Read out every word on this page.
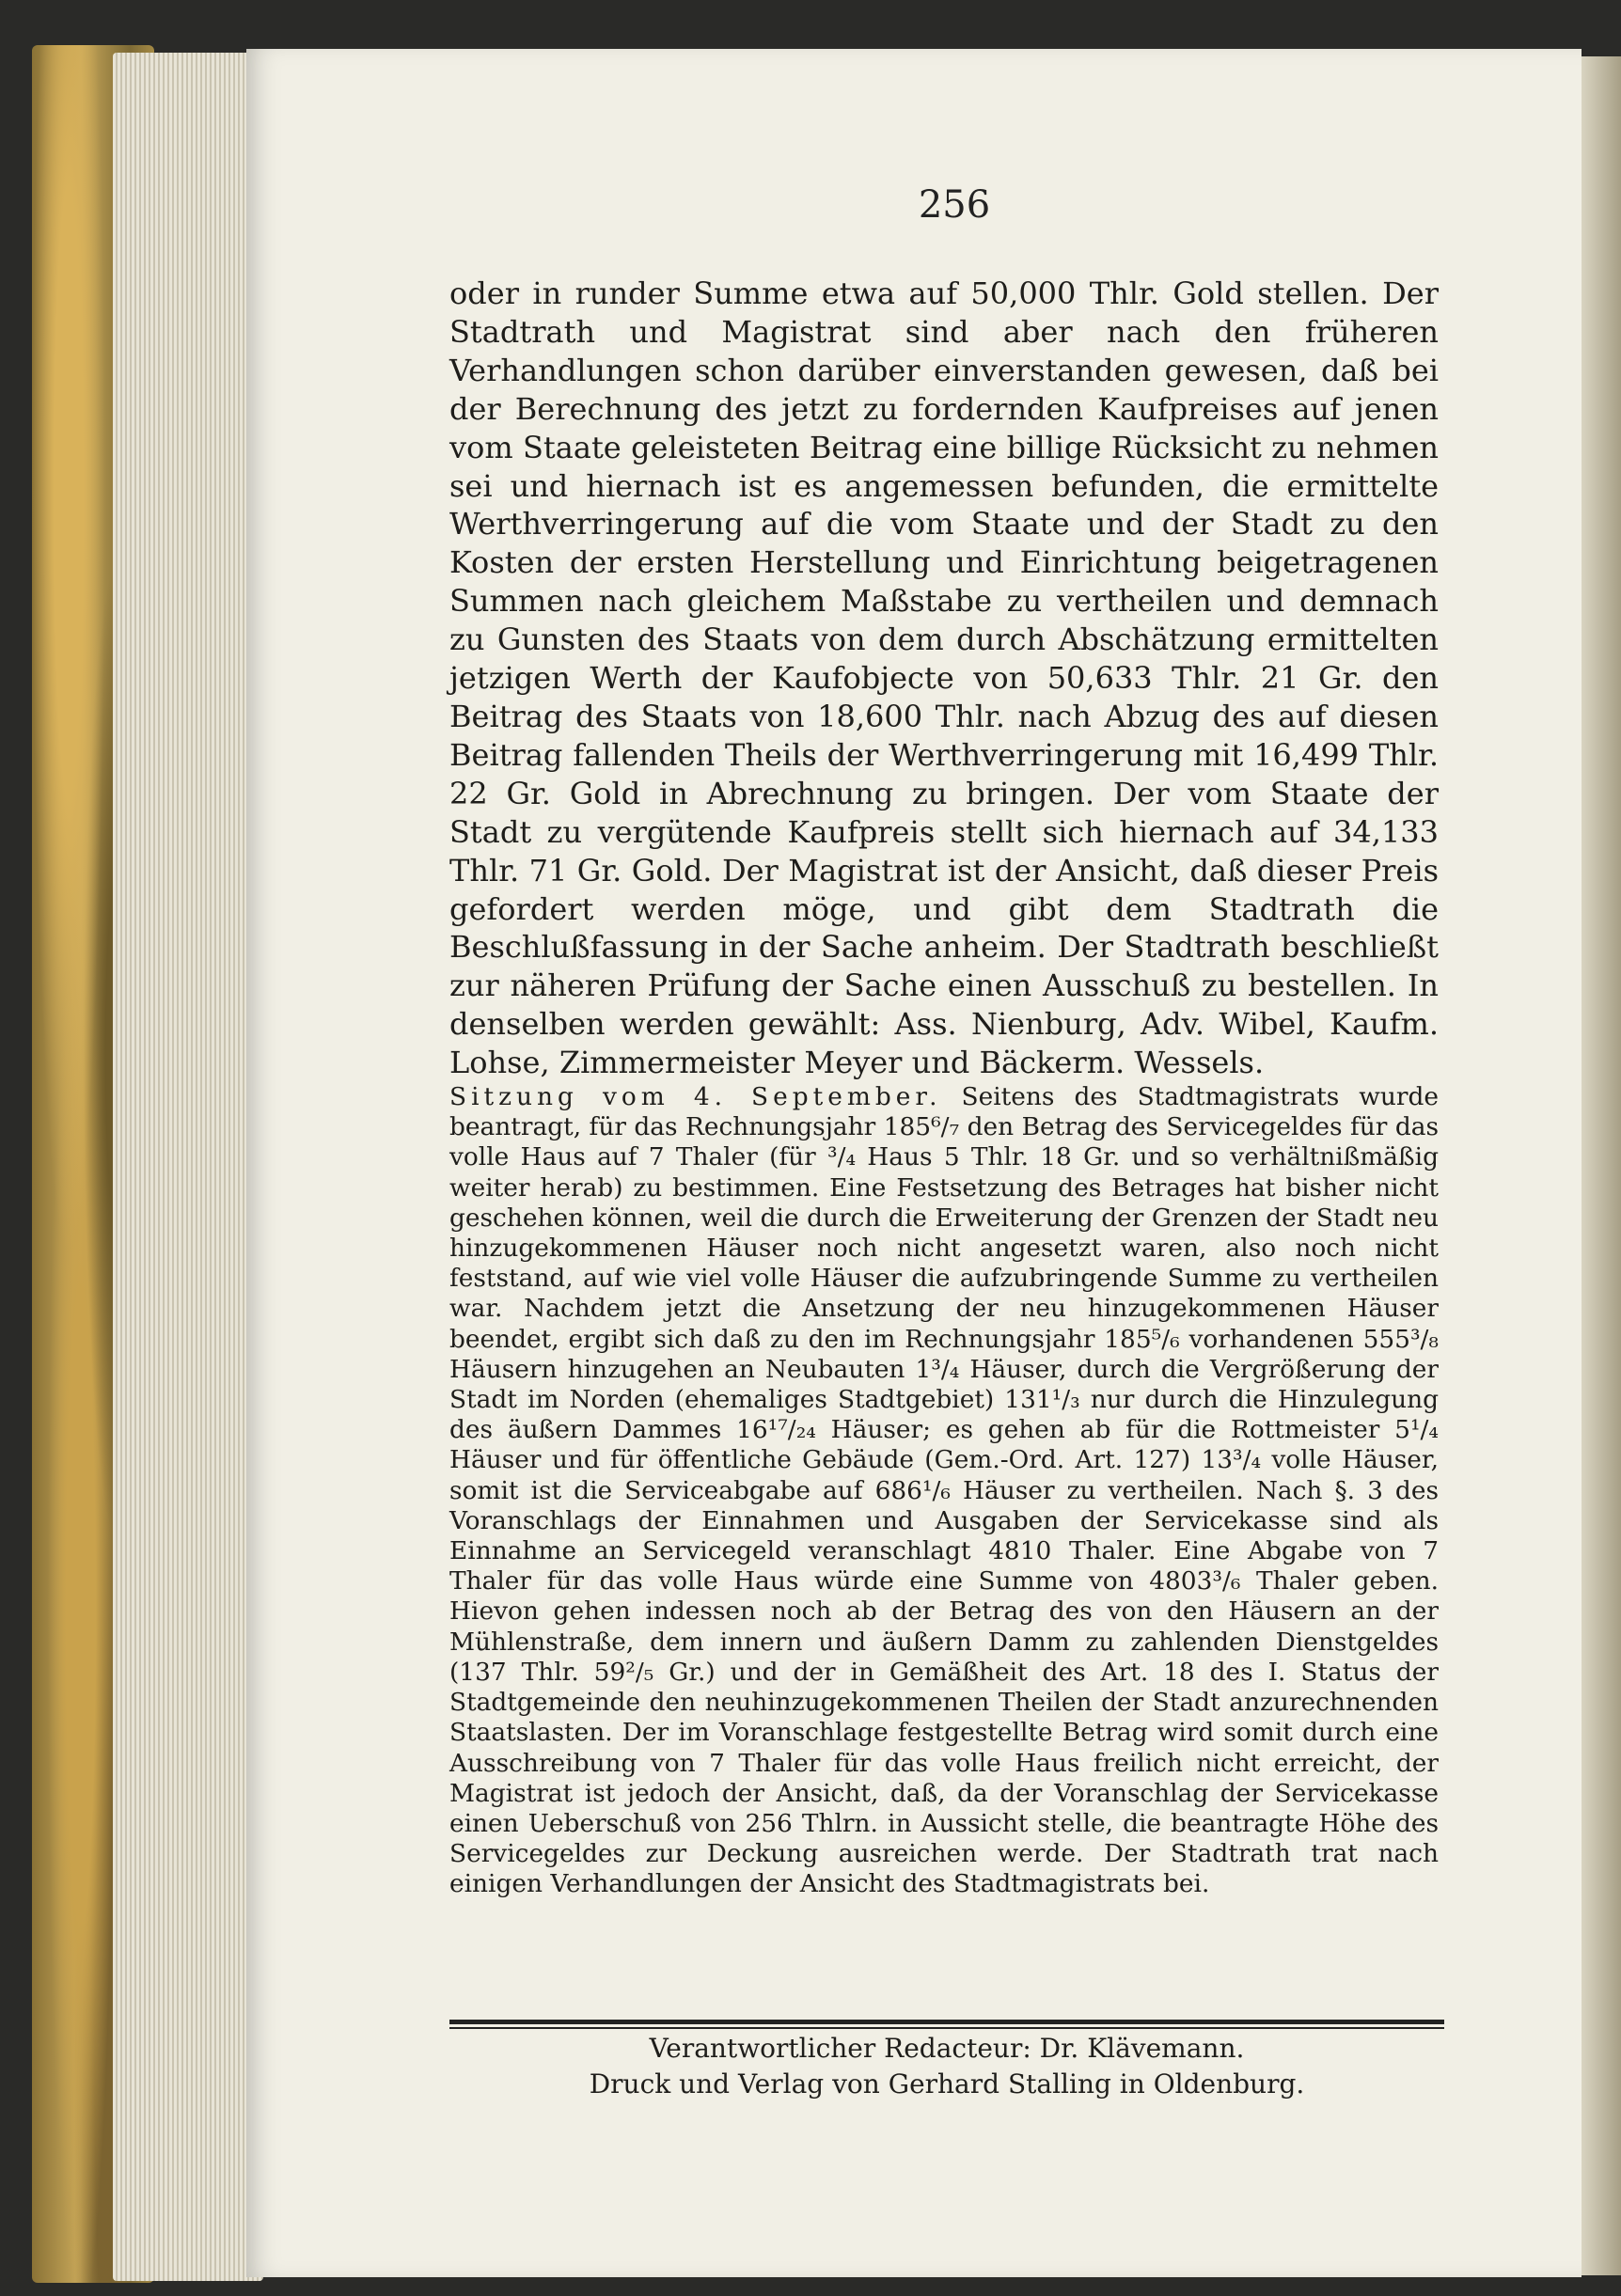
256

oder in runder Summe etwa auf 50,000 Thlr. Gold stellen. Der Stadtrath und Magistrat sind aber nach den früheren Verhandlungen schon darüber einverstanden gewesen, daß bei der Berechnung des jetzt zu fordernden Kaufpreises auf jenen vom Staate geleisteten Beitrag eine billige Rücksicht zu nehmen sei und hiernach ist es angemessen befunden, die ermittelte Werthverringerung auf die vom Staate und der Stadt zu den Kosten der ersten Herstellung und Einrichtung beigetragenen Summen nach gleichem Maßstabe zu vertheilen und demnach zu Gunsten des Staats von dem durch Abschätzung ermittelten jetzigen Werth der Kaufobjecte von 50,633 Thlr. 21 Gr. den Beitrag des Staats von 18,600 Thlr. nach Abzug des auf diesen Beitrag fallenden Theils der Werthverringerung mit 16,499 Thlr. 22 Gr. Gold in Abrechnung zu bringen. Der vom Staate der Stadt zu vergütende Kaufpreis stellt sich hiernach auf 34,133 Thlr. 71 Gr. Gold. Der Magistrat ist der Ansicht, daß dieser Preis gefordert werden möge, und gibt dem Stadtrath die Beschlußfassung in der Sache anheim. Der Stadtrath beschließt zur näheren Prüfung der Sache einen Ausschuß zu bestellen. In denselben werden gewählt: Ass. Nienburg, Adv. Wibel, Kaufm. Lohse, Zimmermeister Meyer und Bäckerm. Wessels.

Sitzung vom 4. September. Seitens des Stadtmagistrats wurde beantragt, für das Rechnungsjahr 185⁶/₇ den Betrag des Servicegeldes für das volle Haus auf 7 Thaler (für ³/₄ Haus 5 Thlr. 18 Gr. und so verhältnißmäßig weiter herab) zu bestimmen. Eine Festsetzung des Betrages hat bisher nicht geschehen können, weil die durch die Erweiterung der Grenzen der Stadt neu hinzugekommenen Häuser noch nicht angesetzt waren, also noch nicht feststand, auf wie viel volle Häuser die aufzubringende Summe zu vertheilen war. Nachdem jetzt die Ansetzung der neu hinzugekommenen Häuser beendet, ergibt sich daß zu den im Rechnungsjahr 185⁵/₆ vorhandenen 555³/₈ Häusern hinzugehen an Neubauten 1³/₄ Häuser, durch die Vergrößerung der Stadt im Norden (ehemaliges Stadtgebiet) 131¹/₃ nur durch die Hinzulegung des äußern Dammes 16¹⁷/₂₄ Häuser; es gehen ab für die Rottmeister 5¹/₄ Häuser und für öffentliche Gebäude (Gem.-Ord. Art. 127) 13³/₄ volle Häuser, somit ist die Serviceabgabe auf 686¹/₆ Häuser zu vertheilen. Nach §. 3 des Voranschlags der Einnahmen und Ausgaben der Servicekasse sind als Einnahme an Servicegeld veranschlagt 4810 Thaler. Eine Abgabe von 7 Thaler für das volle Haus würde eine Summe von 4803³/₆ Thaler geben. Hievon gehen indessen noch ab der Betrag des von den Häusern an der Mühlenstraße, dem innern und äußern Damm zu zahlenden Dienstgeldes (137 Thlr. 59²/₅ Gr.) und der in Gemäßheit des Art. 18 des I. Status der Stadtgemeinde den neuhinzugekommenen Theilen der Stadt anzurechnenden Staatslasten. Der im Voranschlage festgestellte Betrag wird somit durch eine Ausschreibung von 7 Thaler für das volle Haus freilich nicht erreicht, der Magistrat ist jedoch der Ansicht, daß, da der Voranschlag der Servicekasse einen Ueberschuß von 256 Thlrn. in Aussicht stelle, die beantragte Höhe des Servicegeldes zur Deckung ausreichen werde. Der Stadtrath trat nach einigen Verhandlungen der Ansicht des Stadtmagistrats bei.

Verantwortlicher Redacteur: Dr. Klävemann.
Druck und Verlag von Gerhard Stalling in Oldenburg.
